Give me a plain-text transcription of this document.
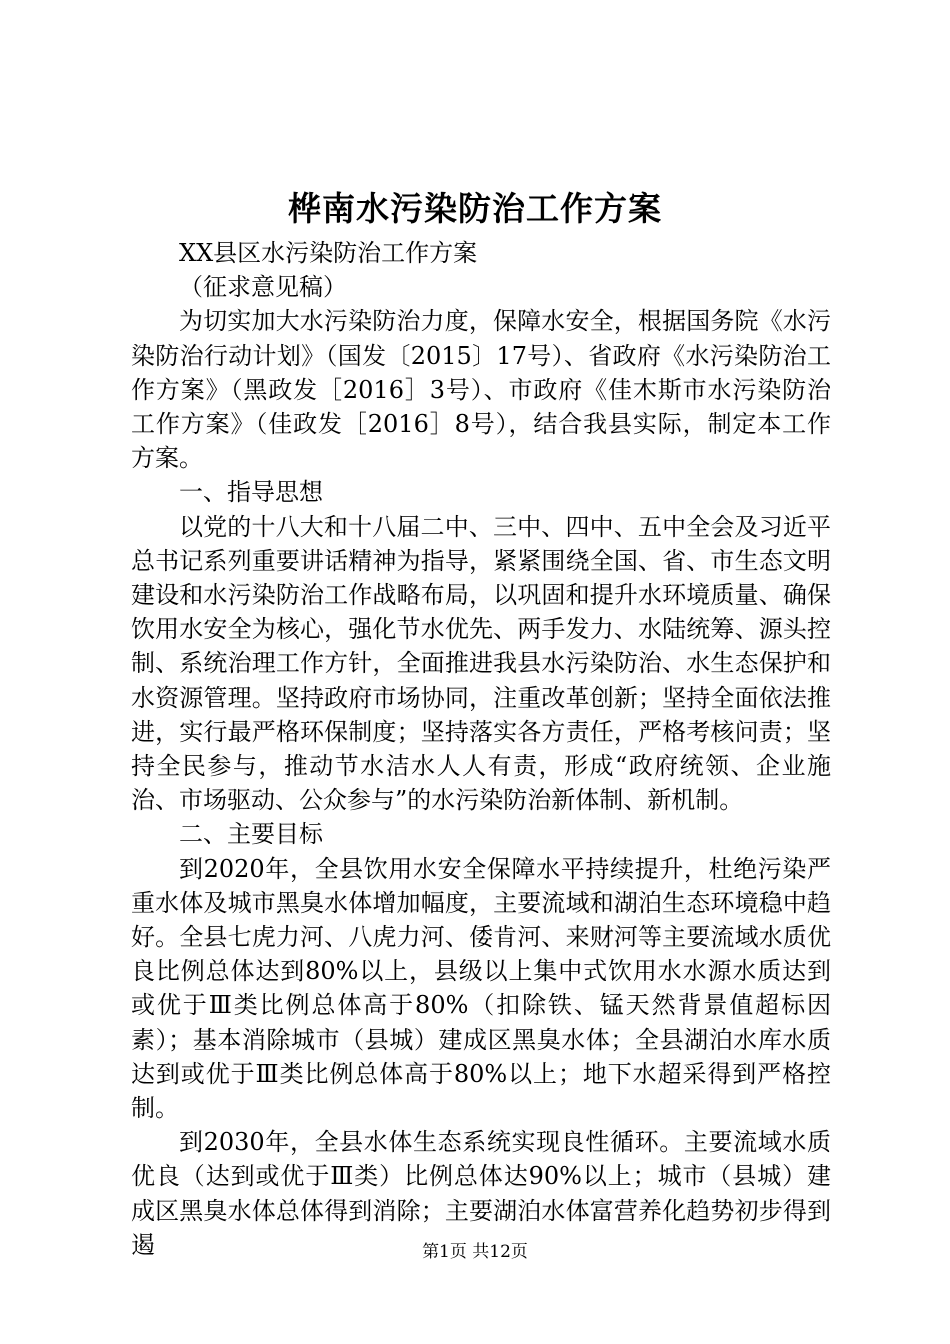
桦南水污染防治工作方案

XX县区水污染防治工作方案

（征求意见稿）

为切实加大水污染防治力度，保障水安全，根据国务院《水污染防治行动计划》（国发〔2015〕17号）、省政府《水污染防治工作方案》（黑政发［2016］3号）、市政府《佳木斯市水污染防治工作方案》（佳政发［2016］8号），结合我县实际，制定本工作方案。

一、指导思想

以党的十八大和十八届二中、三中、四中、五中全会及习近平总书记系列重要讲话精神为指导，紧紧围绕全国、省、市生态文明建设和水污染防治工作战略布局，以巩固和提升水环境质量、确保饮用水安全为核心，强化节水优先、两手发力、水陆统筹、源头控制、系统治理工作方针，全面推进我县水污染防治、水生态保护和水资源管理。坚持政府市场协同，注重改革创新；坚持全面依法推进，实行最严格环保制度；坚持落实各方责任，严格考核问责；坚持全民参与，推动节水洁水人人有责，形成“政府统领、企业施治、市场驱动、公众参与”的水污染防治新体制、新机制。

二、主要目标

到2020年，全县饮用水安全保障水平持续提升，杜绝污染严重水体及城市黑臭水体增加幅度，主要流域和湖泊生态环境稳中趋好。全县七虎力河、八虎力河、倭肯河、来财河等主要流域水质优良比例总体达到80%以上，县级以上集中式饮用水水源水质达到或优于Ⅲ类比例总体高于80%（扣除铁、锰天然背景值超标因素）；基本消除城市（县城）建成区黑臭水体；全县湖泊水库水质达到或优于Ⅲ类比例总体高于80%以上；地下水超采得到严格控制。

到2030年，全县水体生态系统实现良性循环。主要流域水质优良（达到或优于Ⅲ类）比例总体达90%以上；城市（县城）建成区黑臭水体总体得到消除；主要湖泊水体富营养化趋势初步得到遏	第1页 共12页
